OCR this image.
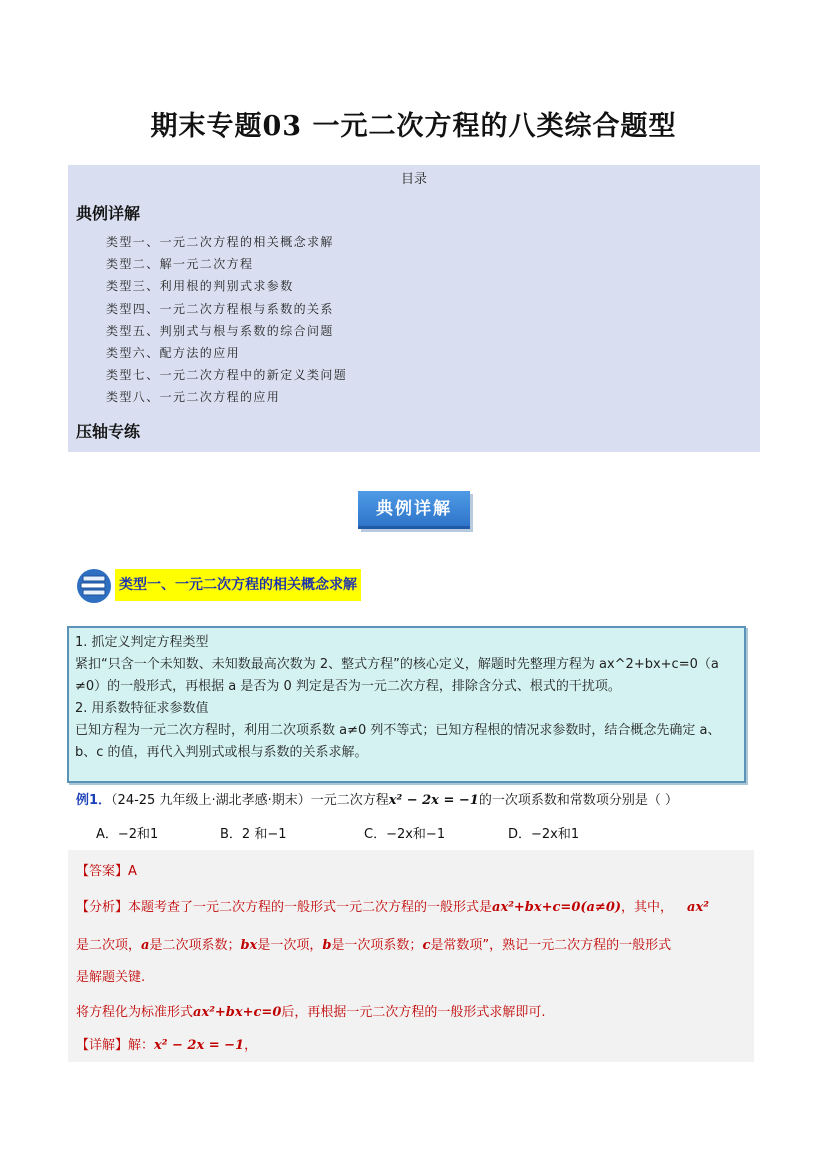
期末专题03 一元二次方程的八类综合题型
目录
典例详解
类型一、一元二次方程的相关概念求解
类型二、解一元二次方程
类型三、利用根的判别式求参数
类型四、一元二次方程根与系数的关系
类型五、判别式与根与系数的综合问题
类型六、配方法的应用
类型七、一元二次方程中的新定义类问题
类型八、一元二次方程的应用
压轴专练
典例详解
类型一、一元二次方程的相关概念求解

1. 抓定义判定方程类型

紧扣“只含一个未知数、未知数最高次数为 2、整式方程”的核心定义，解题时先整理方程为 ax^2+bx+c=0（a ≠0）的一般形式，再根据 a 是否为 0 判定是否为一元二次方程，排除含分式、根式的干扰项。

2. 用系数特征求参数值

已知方程为一元二次方程时，利用二次项系数 a≠0 列不等式；已知方程根的情况求参数时，结合概念先确定 a、b、c 的值，再代入判别式或根与系数的关系求解。

例1．（24-25 九年级上·湖北孝感·期末）一元二次方程x² − 2x = −1的一次项系数和常数项分别是（ ）
A．−2和1	B．2 和−1	C．−2x和−1	D．−2x和1
【答案】A
【分析】本题考查了一元二次方程的一般形式一元二次方程的一般形式是ax²+bx+c=0(a≠0)，其中， ax²
是二次项，a是二次项系数；bx是一次项，b是一次项系数；c是常数项”，熟记一元二次方程的一般形式
是解题关键.
将方程化为标准形式ax²+bx+c=0后，再根据一元二次方程的一般形式求解即可.
【详解】解：x² − 2x = −1，
